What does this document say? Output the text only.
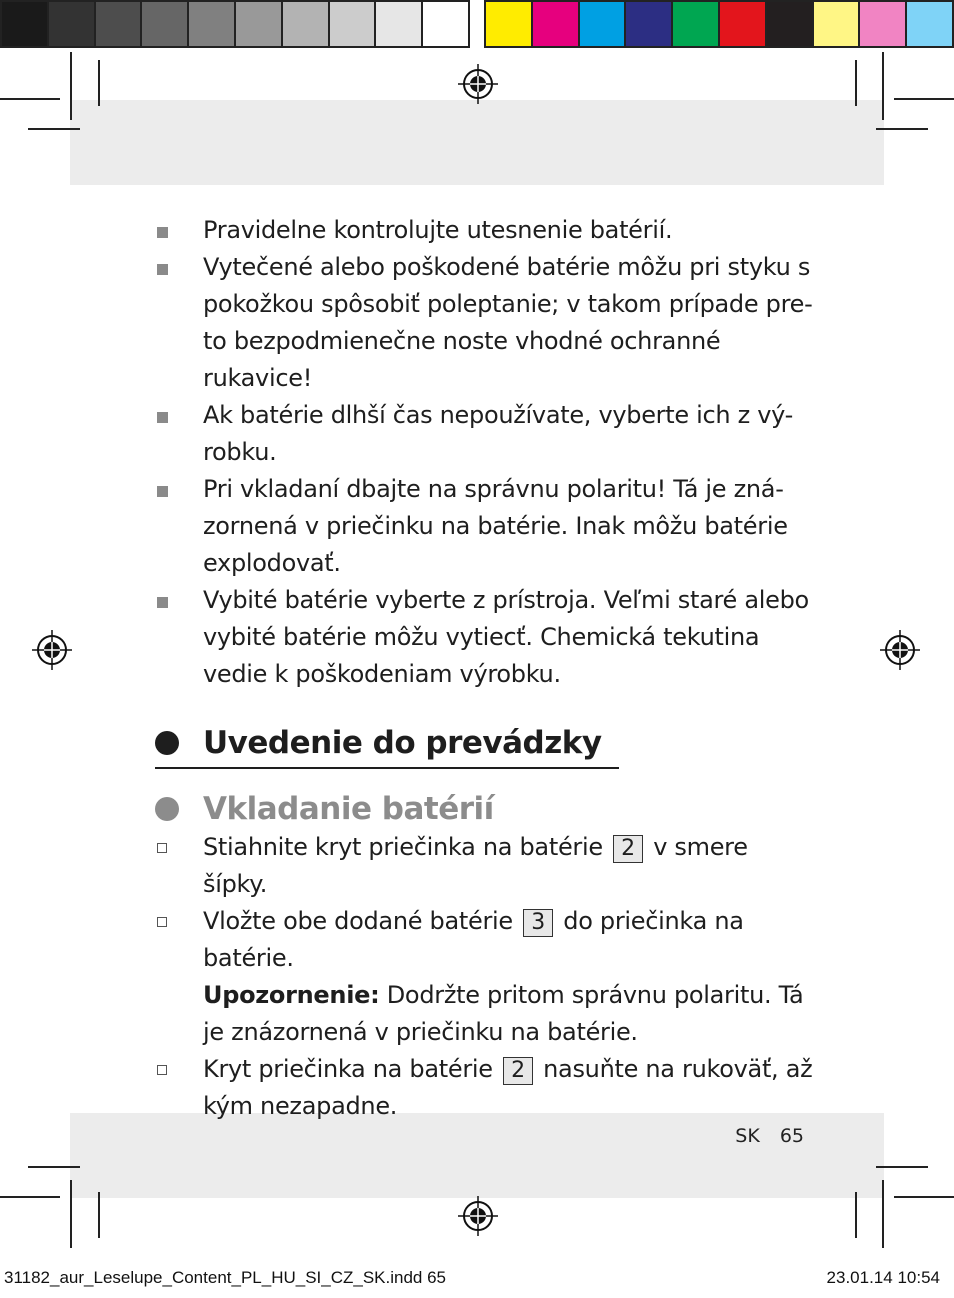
Pravidelne kontrolujte utesnenie batérií.
Vytečené alebo poškodené batérie môžu pri styku s pokožkou spôsobiť poleptanie; v takom prípade pre-to bezpodmienečne noste vhodné ochranné rukavice!
Ak batérie dlhší čas nepoužívate, vyberte ich z vý-robku.
Pri vkladaní dbajte na správnu polaritu! Tá je zná-zornená v priečinku na batérie. Inak môžu batérie explodovať.
Vybité batérie vyberte z prístroja. Veľmi staré alebo vybité batérie môžu vytiecť. Chemická tekutina vedie k poškodeniam výrobku.
Uvedenie do prevádzky
Vkladanie batérií
Stiahnite kryt priečinka na batérie 2 v smere šípky.
Vložte obe dodané batérie 3 do priečinka na batérie.
Upozornenie: Dodržte pritom správnu polaritu. Tá je znázornená v priečinku na batérie.
Kryt priečinka na batérie 2 nasuňte na rukoväť, až kým nezapadne.
SK 65
31182_aur_Leselupe_Content_PL_HU_SI_CZ_SK.indd 65	23.01.14 10:54
